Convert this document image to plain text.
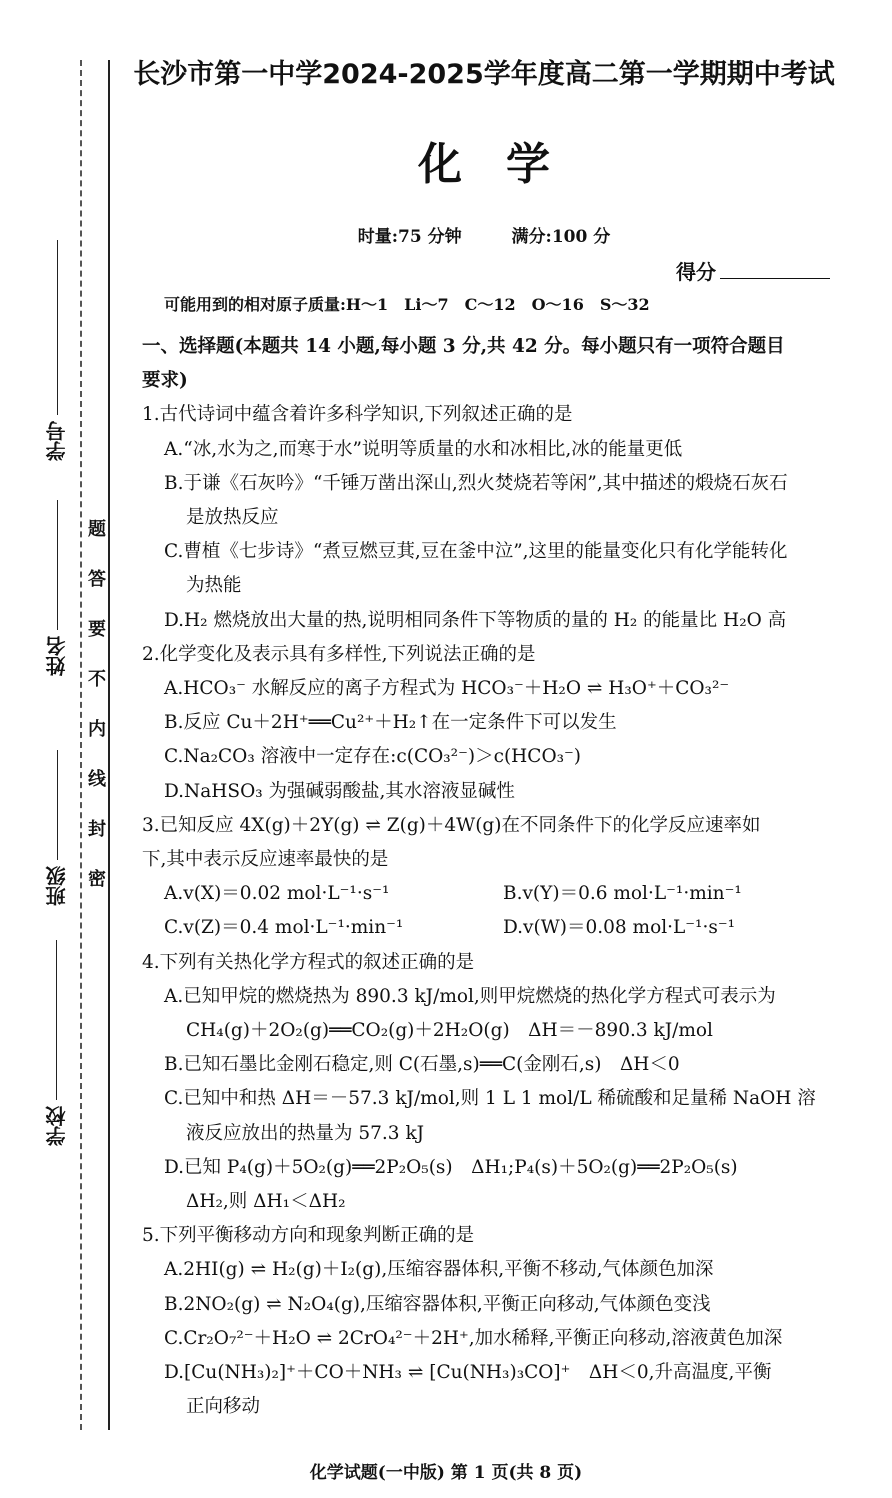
学校
学号
姓名
班级
题
答
要
不
内
线
封
密
长沙市第一中学2024-2025学年度高二第一学期期中考试
化　学
时量:75 分钟	满分:100 分
得分
可能用到的相对原子质量:H～1　Li～7　C～12　O～16　S～32
一、选择题(本题共 14 小题,每小题 3 分,共 42 分。每小题只有一项符合题目
要求)
1.古代诗词中蕴含着许多科学知识,下列叙述正确的是
A.“冰,水为之,而寒于水”说明等质量的水和冰相比,冰的能量更低
B.于谦《石灰吟》“千锤万凿出深山,烈火焚烧若等闲”,其中描述的煅烧石灰石
是放热反应
C.曹植《七步诗》“煮豆燃豆萁,豆在釜中泣”,这里的能量变化只有化学能转化
为热能
D.H₂ 燃烧放出大量的热,说明相同条件下等物质的量的 H₂ 的能量比 H₂O 高
2.化学变化及表示具有多样性,下列说法正确的是
A.HCO₃⁻ 水解反应的离子方程式为 HCO₃⁻＋H₂O ⇌ H₃O⁺＋CO₃²⁻
B.反应 Cu＋2H⁺══Cu²⁺＋H₂↑在一定条件下可以发生
C.Na₂CO₃ 溶液中一定存在:c(CO₃²⁻)＞c(HCO₃⁻)
D.NaHSO₃ 为强碱弱酸盐,其水溶液显碱性
3.已知反应 4X(g)＋2Y(g) ⇌ Z(g)＋4W(g)在不同条件下的化学反应速率如
下,其中表示反应速率最快的是
A.v(X)＝0.02 mol·L⁻¹·s⁻¹	B.v(Y)＝0.6 mol·L⁻¹·min⁻¹
C.v(Z)＝0.4 mol·L⁻¹·min⁻¹	D.v(W)＝0.08 mol·L⁻¹·s⁻¹
4.下列有关热化学方程式的叙述正确的是
A.已知甲烷的燃烧热为 890.3 kJ/mol,则甲烷燃烧的热化学方程式可表示为
CH₄(g)＋2O₂(g)══CO₂(g)＋2H₂O(g)　ΔH＝－890.3 kJ/mol
B.已知石墨比金刚石稳定,则 C(石墨,s)══C(金刚石,s)　ΔH＜0
C.已知中和热 ΔH＝－57.3 kJ/mol,则 1 L 1 mol/L 稀硫酸和足量稀 NaOH 溶
液反应放出的热量为 57.3 kJ
D.已知 P₄(g)＋5O₂(g)══2P₂O₅(s)　ΔH₁;P₄(s)＋5O₂(g)══2P₂O₅(s)
ΔH₂,则 ΔH₁＜ΔH₂
5.下列平衡移动方向和现象判断正确的是
A.2HI(g) ⇌ H₂(g)＋I₂(g),压缩容器体积,平衡不移动,气体颜色加深
B.2NO₂(g) ⇌ N₂O₄(g),压缩容器体积,平衡正向移动,气体颜色变浅
C.Cr₂O₇²⁻＋H₂O ⇌ 2CrO₄²⁻＋2H⁺,加水稀释,平衡正向移动,溶液黄色加深
D.[Cu(NH₃)₂]⁺＋CO＋NH₃ ⇌ [Cu(NH₃)₃CO]⁺　ΔH＜0,升高温度,平衡
正向移动
化学试题(一中版) 第 1 页(共 8 页)
